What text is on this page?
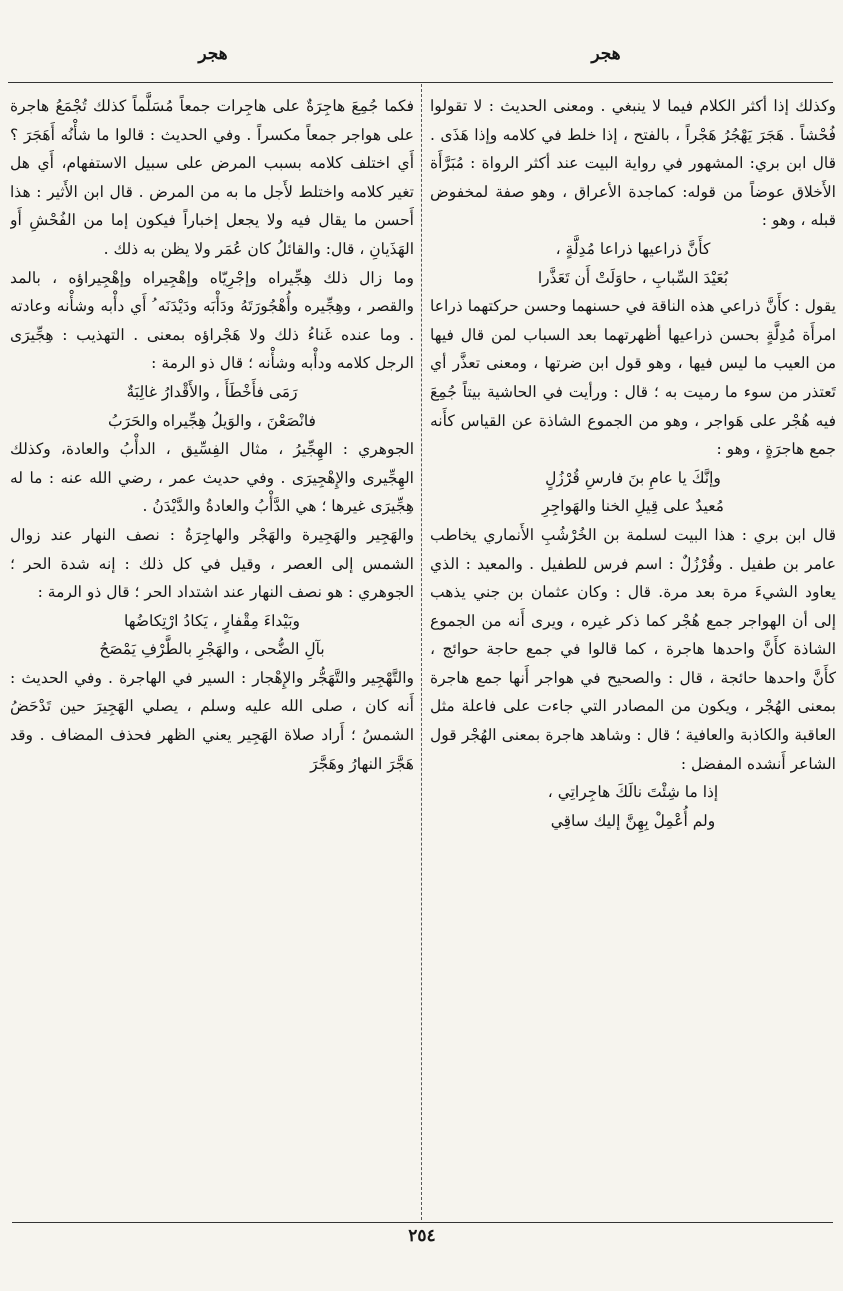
هجر
هجر

وكذلك إذا أكثر الكلام فيما لا ينبغي . ومعنى الحديث : لا تقولوا فُحْشاً . هَجَرَ يَهْجُرُ هَجْراً ، بالفتح ، إذا خلط في كلامه وإذا هَذَى . قال ابن بري: المشهور في رواية البيت عند أكثر الرواة : مُبَرَّأَة الأَخلاق عوضاً من قوله: كماجدة الأعراق ، وهو صفة لمخفوض قبله ، وهو :

كأَنَّ ذراعيها ذراعا مُدِلَّةٍ ،

بُعَيْدَ السِّبابِ ، حاوَلَتْ أَن تَعَذَّرا

يقول : كأَنَّ ذراعي هذه الناقة في حسنهما وحسن حركتهما ذراعا امرأَة مُدِلَّةٍ بحسن ذراعيها أظهرتهما بعد السباب لمن قال فيها من العيب ما ليس فيها ، وهو قول ابن ضرتها ، ومعنى تعذَّر أي تَعتذر من سوء ما رميت به ؛ قال : ورأيت في الحاشية بيتاً جُمِعَ فيه هُجْر على هَواجر ، وهو من الجموع الشاذة عن القياس كأَنه جمع هاجرَةٍ ، وهو :

وإنَّكَ يا عامِ بنَ فارسِ قُرْزُلٍ

مُعيدٌ على قِيلِ الخنا والهَواجِرِ

قال ابن بري : هذا البيت لسلمة بن الخُرْشُبِ الأَنماري يخاطب عامر بن طفيل . وقُرْزُلٌ : اسم فرس للطفيل . والمعيد : الذي يعاود الشيءَ مرة بعد مرة. قال : وكان عثمان بن جني يذهب إلى أن الهواجر جمع هُجْر كما ذكر غيره ، ويرى أَنه من الجموع الشاذة كأَنَّ واحدها هاجرة ، كما قالوا في جمع حاجة حوائج ، كأَنَّ واحدها حائجة ، قال : والصحيح في هواجر أَنها جمع هاجرة بمعنى الهُجْر ، ويكون من المصادر التي جاءت على فاعلة مثل العاقبة والكاذبة والعافية ؛ قال : وشاهد هاجرة بمعنى الهُجْر قول الشاعر أَنشده المفضل :

إذا ما شِئْتَ نالَكَ هاجِراتِي ،

ولم أُعْمِلْ بِهِنَّ إليك ساقِي

فكما جُمِعَ هاجِرَةٌ على هاجِرات جمعاً مُسَلَّماً كذلك تُجْمَعُ هاجرة على هواجر جمعاً مكسراً . وفي الحديث : قالوا ما شأْنُه أَهَجَرَ ؟ أَي اختلف كلامه بسبب المرض على سبيل الاستفهام، أَي هل تغير كلامه واختلط لأَجل ما به من المرض . قال ابن الأَثير : هذا أَحسن ما يقال فيه ولا يجعل إخباراً فيكون إما من الفُحْشِ أَو الهَذَيانِ ، قال: والقائلُ كان عُمَر ولا يظن به ذلك .

وما زال ذلك هِجِّيراه وإجْرِيّاه وإهْجِيراه وإهْجِيراؤه ، بالمد والقصر ، وهِجِّيره وأُهْجُورَتَهُ ودَأْبَه ودَيْدَنَه ُ أَي دأْبه وشأْنه وعادته . وما عنده غَناءُ ذلك ولا هَجْراؤه بمعنى . التهذيب : هِجِّيرَى الرجل كلامه ودأْبه وشأْنه ؛ قال ذو الرمة :

رَمَى فأَخْطَأَ ، والأَقْدارُ غالِبَةٌ

فانْصَعْنَ ، والوَيلُ هِجِّيراه والحَرَبُ

الجوهري : الهِجِّيرُ ، مثال الفِسِّيق ، الدأْبُ والعادة، وكذلك الهِجِّيرى والإِهْجِيرَى . وفي حديث عمر ، رضي الله عنه : ما له هِجِّيرَى غيرها ؛ هي الدَّأْبُ والعادةُ والدَّيْدَنُ .

والهَجِير والهَجِيرة والهَجْر والهاجِرَةُ : نصف النهار عند زوال الشمس إلى العصر ، وقيل في كل ذلك : إنه شدة الحر ؛ الجوهري : هو نصف النهار عند اشتداد الحر ؛ قال ذو الرمة :

وبَيْداءَ مِقْفارٍ ، يَكادُ ارْتِكاضُها

بآلِ الضُّحى ، والهَجْرِ بالطَّرْفِ يَمْصَحُ

والتَّهْجِير والتَّهَجُّر والإِهْجار : السير في الهاجرة . وفي الحديث : أَنه كان ، صلى الله عليه وسلم ، يصلي الهَجِيرَ حين تَدْحَضُ الشمسُ ؛ أَراد صلاة الهَجِير يعني الظهر فحذف المضاف . وقد هَجَّرَ النهارُ وهَجَّرَ

٢٥٤
